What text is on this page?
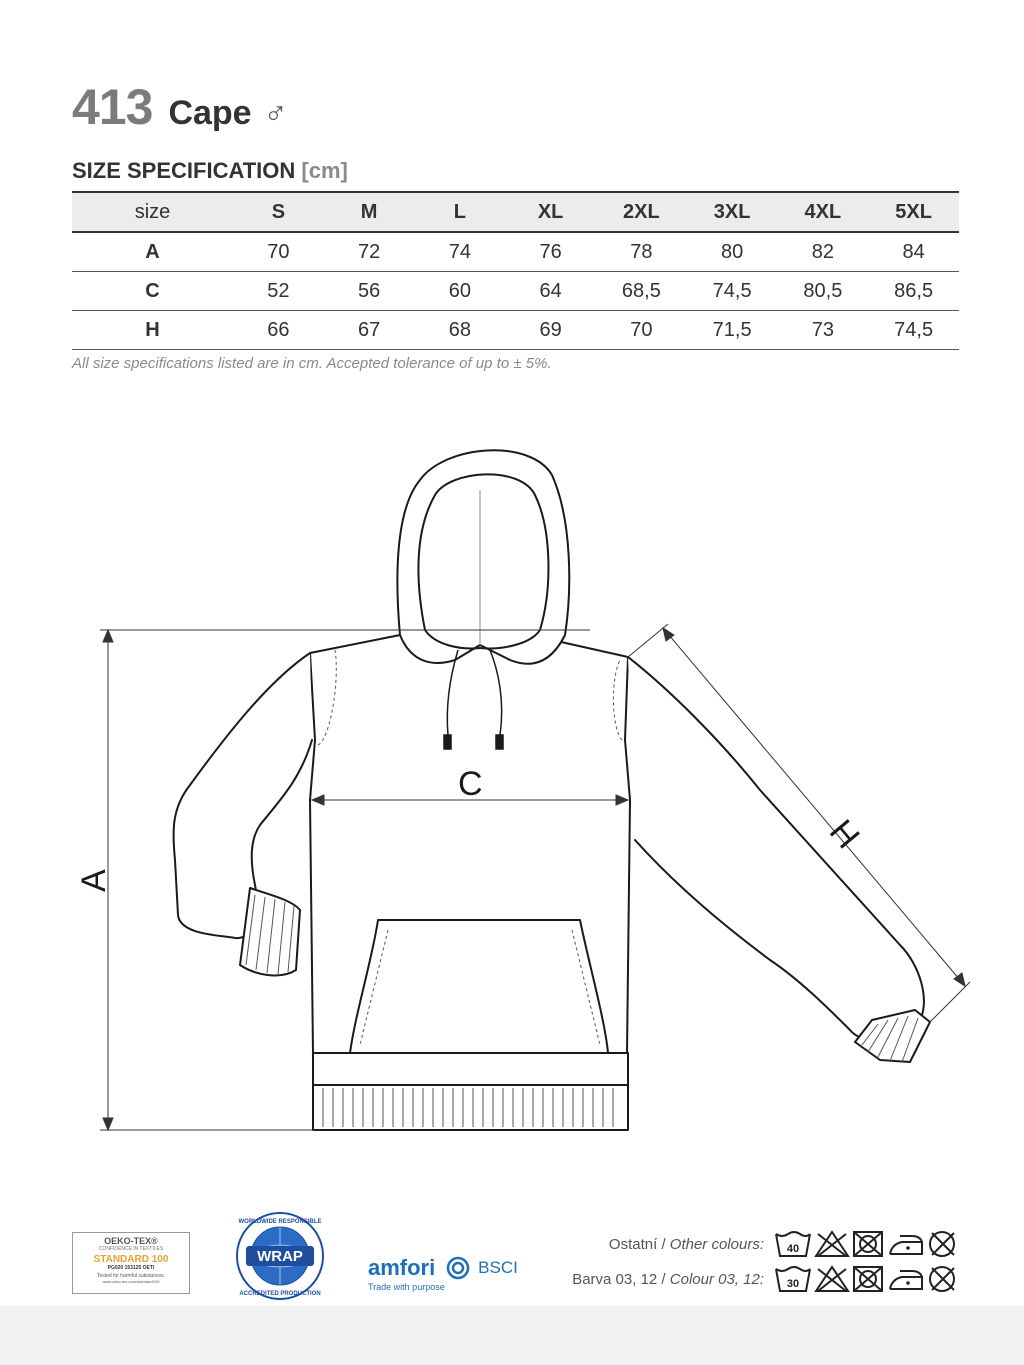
413 Cape ♂
SIZE SPECIFICATION [cm]
size	S	M	L	XL	2XL	3XL	4XL	5XL
A	70	72	74	76	78	80	82	84
C	52	56	60	64	68,5	74,5	80,5	86,5
H	66	67	68	69	70	71,5	73	74,5
All size specifications listed are in cm. Accepted tolerance of up to ± 5%.
A
C
H
OEKO-TEX®
CONFIDENCE IN TEXTILES
STANDARD 100
PG020 153125 OETI
Tested for harmful substances.
www.oeko-tex.com/standard100
WRAP
WORLDWIDE RESPONSIBLE
ACCREDITED PRODUCTION
amfori	BSCI
Trade with purpose
Ostatní / Other colours:
Barva 03, 12 / Colour 03, 12:
40
30
